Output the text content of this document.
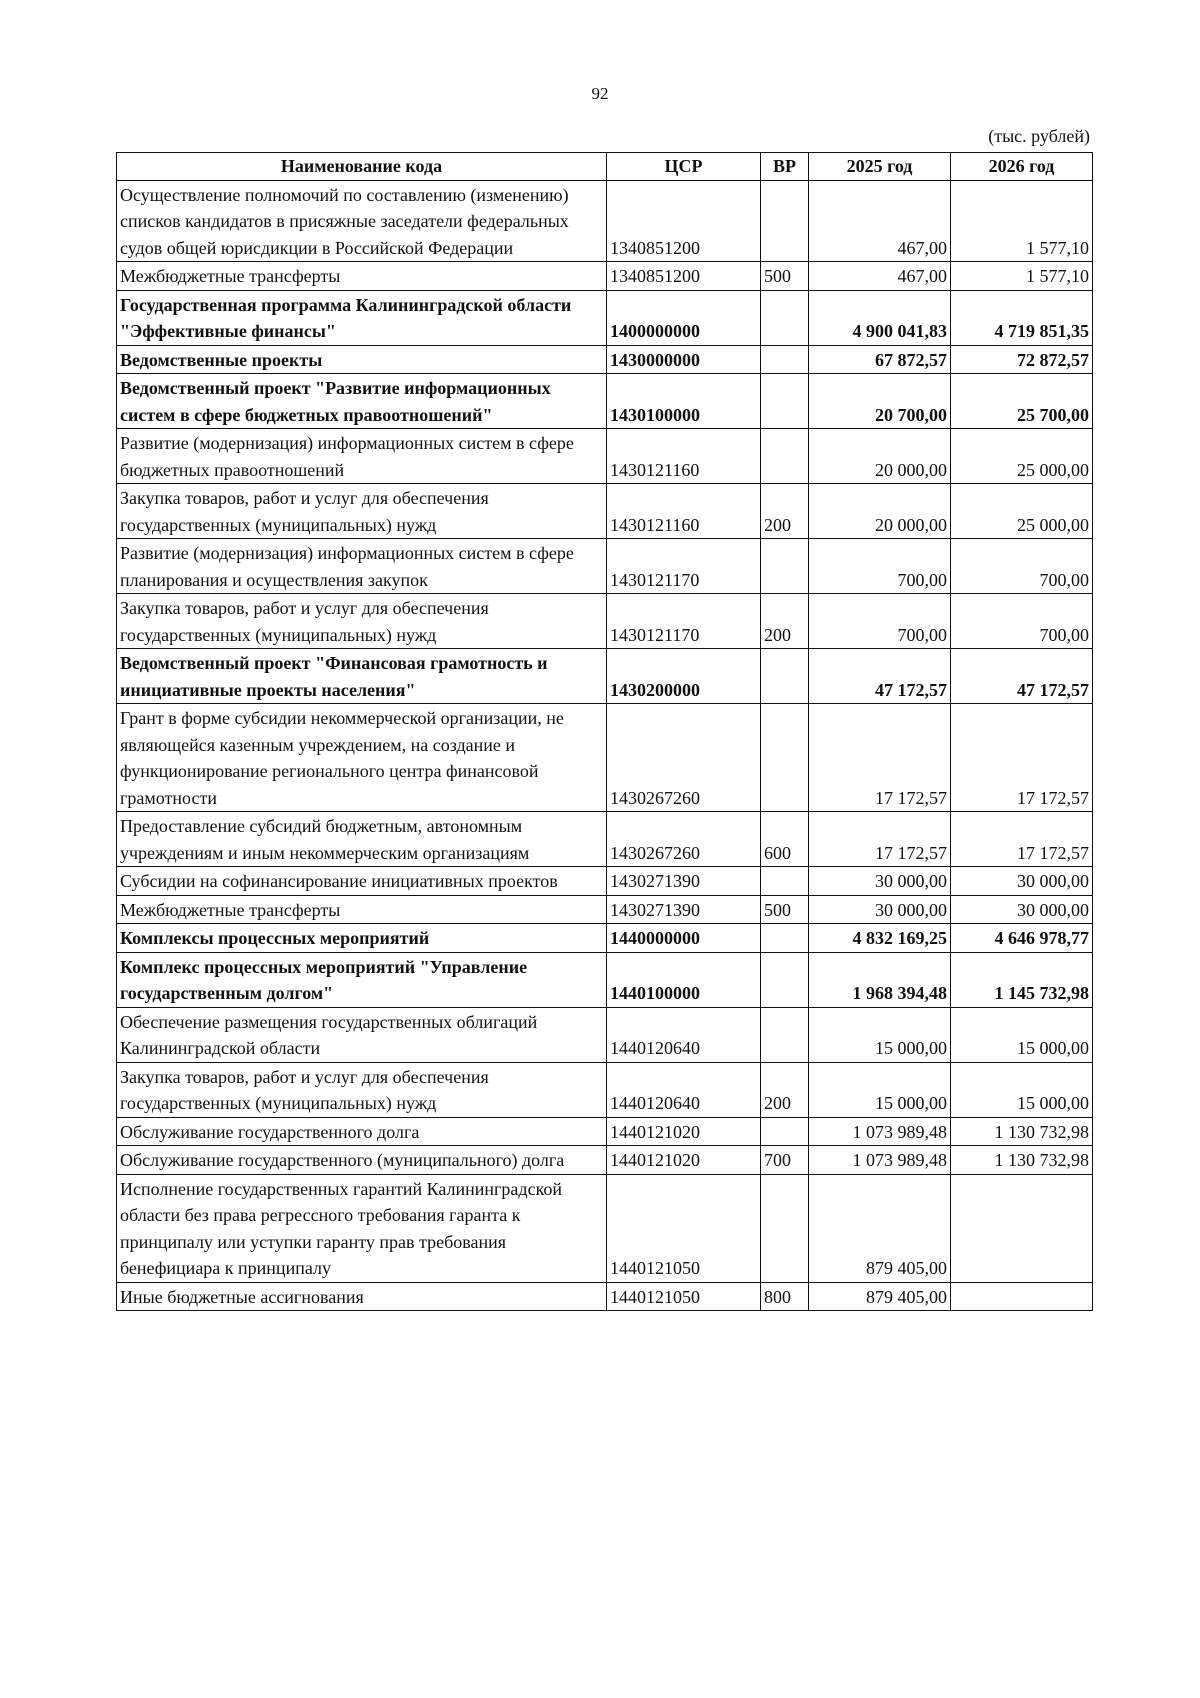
92
(тыс. рублей)
Наименование кода	ЦСР	ВР	2025 год	2026 год
Осуществление полномочий по составлению (изменению) списков кандидатов в присяжные заседатели федеральных судов общей юрисдикции в Российской Федерации	1340851200		467,00	1 577,10
Межбюджетные трансферты	1340851200	500	467,00	1 577,10
Государственная программа Калининградской области "Эффективные финансы"	1400000000		4 900 041,83	4 719 851,35
Ведомственные проекты	1430000000		67 872,57	72 872,57
Ведомственный проект "Развитие информационных систем в сфере бюджетных правоотношений"	1430100000		20 700,00	25 700,00
Развитие (модернизация) информационных систем в сфере бюджетных правоотношений	1430121160		20 000,00	25 000,00
Закупка товаров, работ и услуг для обеспечения государственных (муниципальных) нужд	1430121160	200	20 000,00	25 000,00
Развитие (модернизация) информационных систем в сфере планирования и осуществления закупок	1430121170		700,00	700,00
Закупка товаров, работ и услуг для обеспечения государственных (муниципальных) нужд	1430121170	200	700,00	700,00
Ведомственный проект "Финансовая грамотность и инициативные проекты населения"	1430200000		47 172,57	47 172,57
Грант в форме субсидии некоммерческой организации, не являющейся казенным учреждением, на создание и функционирование регионального центра финансовой грамотности	1430267260		17 172,57	17 172,57
Предоставление субсидий бюджетным, автономным учреждениям и иным некоммерческим организациям	1430267260	600	17 172,57	17 172,57
Субсидии на софинансирование инициативных проектов	1430271390		30 000,00	30 000,00
Межбюджетные трансферты	1430271390	500	30 000,00	30 000,00
Комплексы процессных мероприятий	1440000000		4 832 169,25	4 646 978,77
Комплекс процессных мероприятий "Управление государственным долгом"	1440100000		1 968 394,48	1 145 732,98
Обеспечение размещения государственных облигаций Калининградской области	1440120640		15 000,00	15 000,00
Закупка товаров, работ и услуг для обеспечения государственных (муниципальных) нужд	1440120640	200	15 000,00	15 000,00
Обслуживание государственного долга	1440121020		1 073 989,48	1 130 732,98
Обслуживание государственного (муниципального) долга	1440121020	700	1 073 989,48	1 130 732,98
Исполнение государственных гарантий Калининградской области без права регрессного требования гаранта к принципалу или уступки гаранту прав требования бенефициара к принципалу	1440121050		879 405,00	
Иные бюджетные ассигнования	1440121050	800	879 405,00	
